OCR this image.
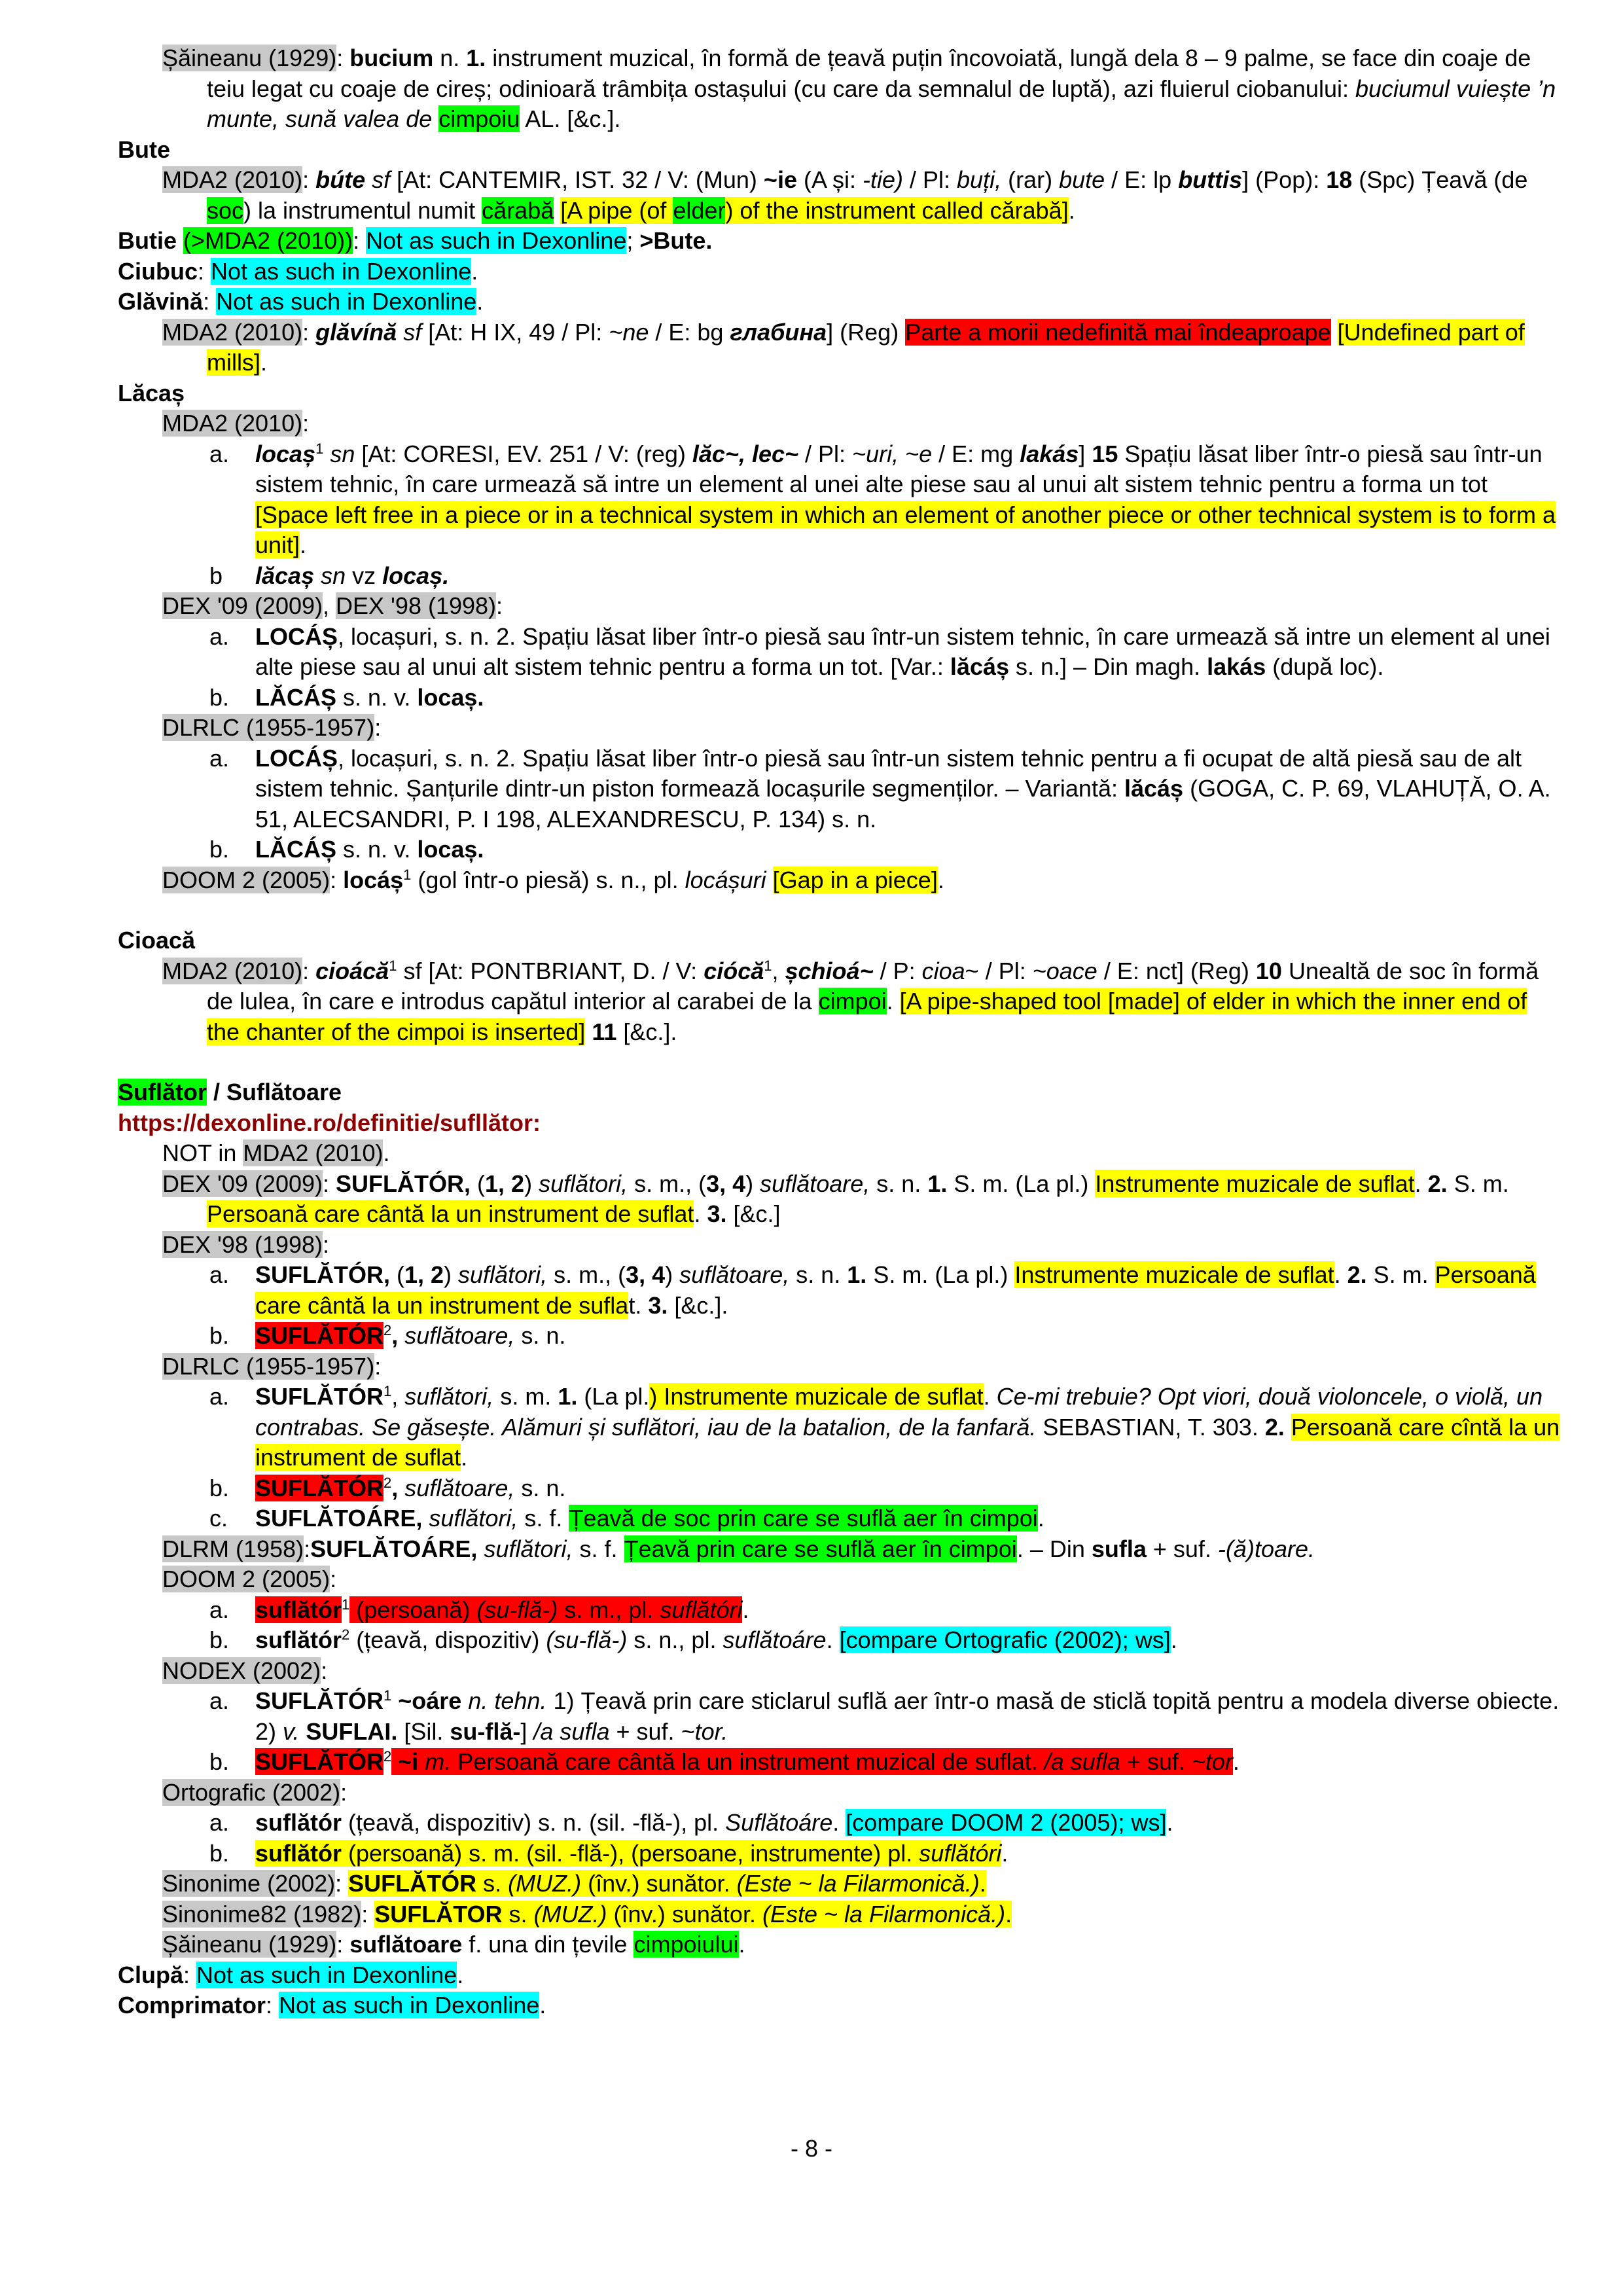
Șăineanu (1929): bucium n. 1. instrument muzical, în formă de țeavă puțin încovoiată, lungă dela 8 – 9 palme, se face din coaje de teiu legat cu coaje de cireș; odinioară trâmbița ostașului (cu care da semnalul de luptă), azi fluierul ciobanului: buciumul vuiește ’n munte, sună valea de cimpoiu AL. [&c.].

Bute

MDA2 (2010): búte sf [At: CANTEMIR, IST. 32 / V: (Mun) ~ie (A și: -tie) / Pl: buți, (rar) bute / E: lp buttis] (Pop): 18 (Spc) Țeavă (de soc) la instrumentul numit cărabă [A pipe (of elder) of the instrument called cărabă].

Butie (>MDA2 (2010)): Not as such in Dexonline; >Bute.

Ciubuc: Not as such in Dexonline.

Glăvină: Not as such in Dexonline.

MDA2 (2010): glăvínă sf [At: H IX, 49 / Pl: ~ne / E: bg глабина] (Reg) Parte a morii nedefinită mai îndeaproape [Undefined part of mills].

Lăcaș

MDA2 (2010):

a. locaș$^1$ sn [At: CORESI, EV. 251 / V: (reg) lăc~, lec~ / Pl: ~uri, ~e / E: mg lakás] 15 Spațiu lăsat liber într-o piesă sau într-un sistem tehnic, în care urmează să intre un element al unei alte piese sau al unui alt sistem tehnic pentru a forma un tot [Space left free in a piece or in a technical system in which an element of another piece or other technical system is to form a unit].

b lăcaș sn vz locaș.

DEX '09 (2009), DEX '98 (1998):

a. LOCÁȘ, locașuri, s. n. 2. Spațiu lăsat liber într-o piesă sau într-un sistem tehnic, în care urmează să intre un element al unei alte piese sau al unui alt sistem tehnic pentru a forma un tot. [Var.: lăcáș s. n.] – Din magh. lakás (după loc).

b. LĂCÁȘ s. n. v. locaș.

DLRLC (1955-1957):

a. LOCÁȘ, locașuri, s. n. 2. Spațiu lăsat liber într-o piesă sau într-un sistem tehnic pentru a fi ocupat de altă piesă sau de alt sistem tehnic. Șanțurile dintr-un piston formează locașurile segmenților. – Variantă: lăcáș (GOGA, C. P. 69, VLAHUȚĂ, O. A. 51, ALECSANDRI, P. I 198, ALEXANDRESCU, P. 134) s. n.

b. LĂCÁȘ s. n. v. locaș.

DOOM 2 (2005): locáș$^1$ (gol într-o piesă) s. n., pl. locáșuri [Gap in a piece].

Cioacă

MDA2 (2010): cioácă$^1$ sf [At: PONTBRIANT, D. / V: ciócă$^1$, șchioá~ / P: cioa~ / Pl: ~oace / E: nct] (Reg) 10 Unealtă de soc în formă de lulea, în care e introdus capătul interior al carabei de la cimpoi. [A pipe-shaped tool [made] of elder in which the inner end of the chanter of the cimpoi is inserted] 11 [&c.].

Suflător / Suflătoare

https://dexonline.ro/definitie/sufllător:

NOT in MDA2 (2010).

DEX '09 (2009): SUFLĂTÓR, (1, 2) suflători, s. m., (3, 4) suflătoare, s. n. 1. S. m. (La pl.) Instrumente muzicale de suflat. 2. S. m. Persoană care cântă la un instrument de suflat. 3. [&c.]

DEX '98 (1998):

a. SUFLĂTÓR, (1, 2) suflători, s. m., (3, 4) suflătoare, s. n. 1. S. m. (La pl.) Instrumente muzicale de suflat. 2. S. m. Persoană care cântă la un instrument de suflat. 3. [&c.].

b. SUFLĂTÓR$^2$, suflătoare, s. n.

DLRLC (1955-1957):

a. SUFLĂTÓR$^1$, suflători, s. m. 1. (La pl.) Instrumente muzicale de suflat. Ce-mi trebuie? Opt viori, două violoncele, o violă, un contrabas. Se găsește. Alămuri și suflători, iau de la batalion, de la fanfară. SEBASTIAN, T. 303. 2. Persoană care cîntă la un instrument de suflat.

b. SUFLĂTÓR$^2$, suflătoare, s. n.

c. SUFLĂTOÁRE, suflători, s. f. Țeavă de soc prin care se suflă aer în cimpoi.

DLRM (1958):SUFLĂTOÁRE, suflători, s. f. Țeavă prin care se suflă aer în cimpoi. – Din sufla + suf. -(ă)toare.

DOOM 2 (2005):

a. suflătór$^1$ (persoană) (su-flă-) s. m., pl. suflătóri.

b. suflătór$^2$ (țeavă, dispozitiv) (su-flă-) s. n., pl. suflătoáre. [compare Ortografic (2002); ws].

NODEX (2002):

a. SUFLĂTÓR$^1$ ~oáre n. tehn. 1) Țeavă prin care sticlarul suflă aer într-o masă de sticlă topită pentru a modela diverse obiecte. 2) v. SUFLAI. [Sil. su-flă-] /a sufla + suf. ~tor.

b. SUFLĂTÓR$^2$ ~i m. Persoană care cântă la un instrument muzical de suflat. /a sufla + suf. ~tor.

Ortografic (2002):

a. suflătór (țeavă, dispozitiv) s. n. (sil. -flă-), pl. Suflătoáre. [compare DOOM 2 (2005); ws].

b. suflătór (persoană) s. m. (sil. -flă-), (persoane, instrumente) pl. suflătóri.

Sinonime (2002): SUFLĂTÓR s. (MUZ.) (înv.) sunător. (Este ~ la Filarmonică.).

Sinonime82 (1982): SUFLĂTOR s. (MUZ.) (înv.) sunător. (Este ~ la Filarmonică.).

Șăineanu (1929): suflătoare f. una din țevile cimpoiului.

Clupă: Not as such in Dexonline.

Comprimator: Not as such in Dexonline.

- 8 -
